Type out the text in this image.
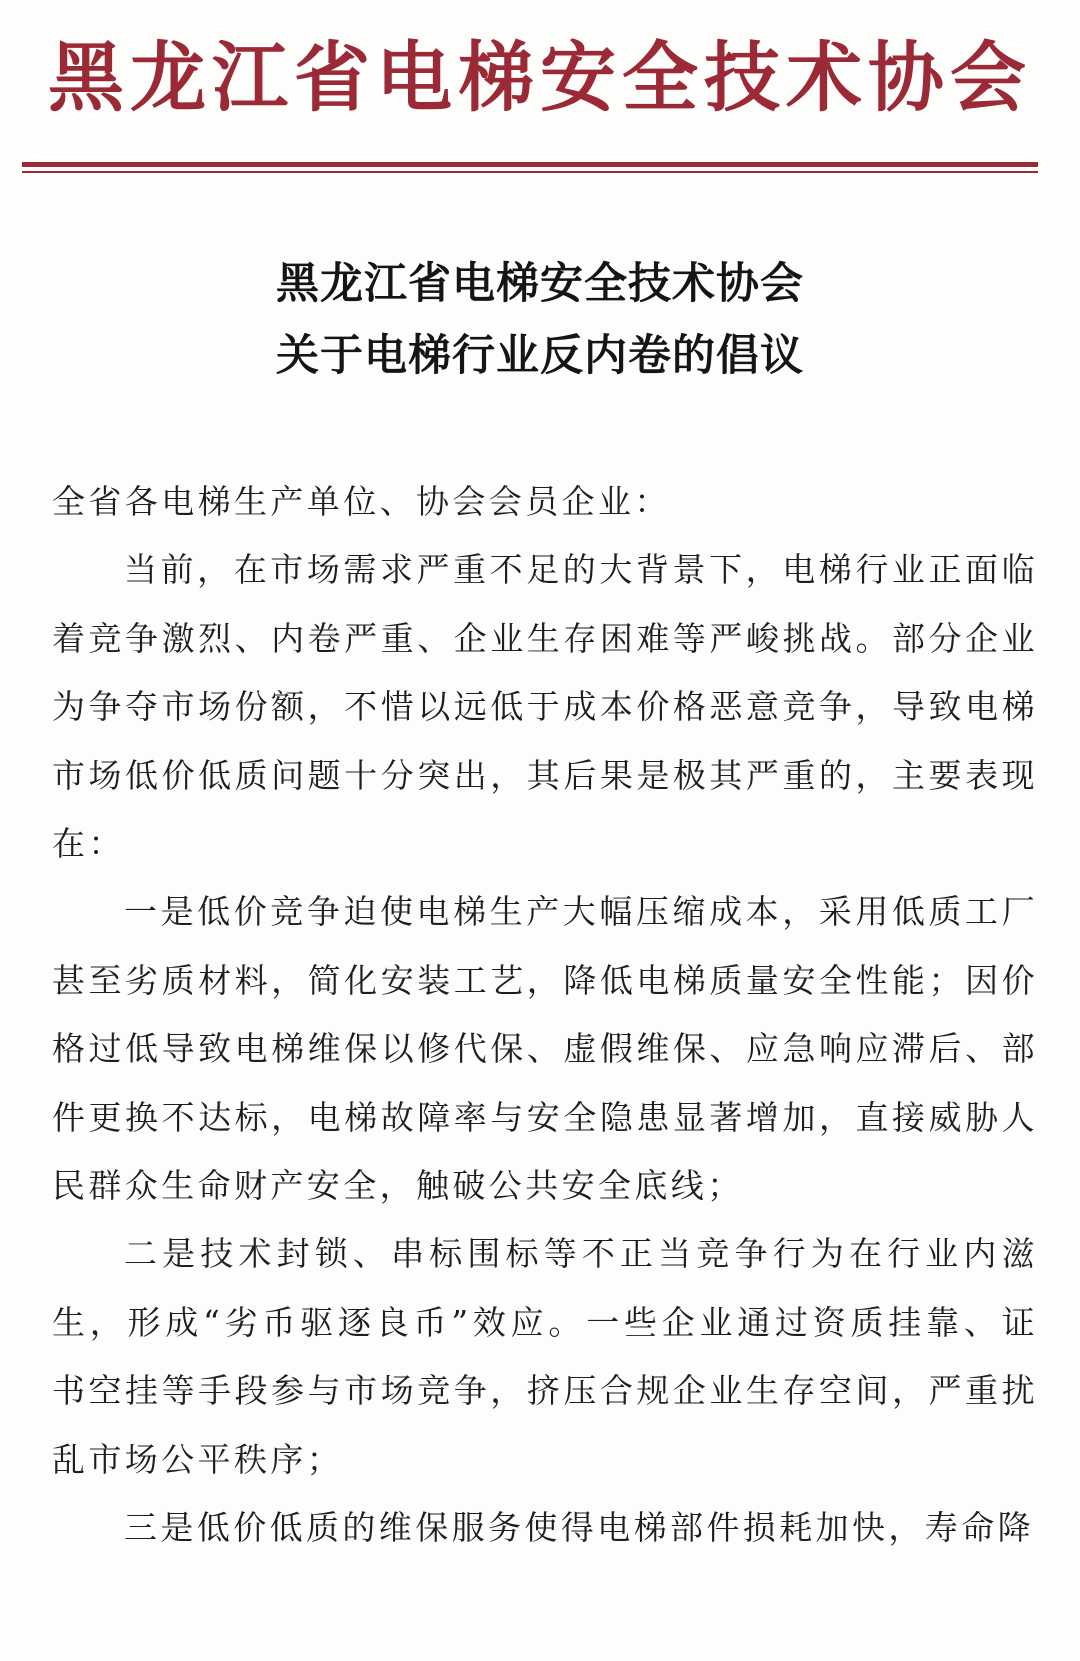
黑龙江省电梯安全技术协会
黑龙江省电梯安全技术协会
关于电梯行业反内卷的倡议

全省各电梯生产单位、协会会员企业：

当前，在市场需求严重不足的大背景下，电梯行业正面临着竞争激烈、内卷严重、企业生存困难等严峻挑战。部分企业为争夺市场份额，不惜以远低于成本价格恶意竞争，导致电梯市场低价低质问题十分突出，其后果是极其严重的，主要表现在：

一是低价竞争迫使电梯生产大幅压缩成本，采用低质工厂甚至劣质材料，简化安装工艺，降低电梯质量安全性能；因价格过低导致电梯维保以修代保、虚假维保、应急响应滞后、部件更换不达标，电梯故障率与安全隐患显著增加，直接威胁人民群众生命财产安全，触破公共安全底线；

二是技术封锁、串标围标等不正当竞争行为在行业内滋生，形成“劣币驱逐良币”效应。一些企业通过资质挂靠、证书空挂等手段参与市场竞争，挤压合规企业生存空间，严重扰乱市场公平秩序；

三是低价低质的维保服务使得电梯部件损耗加快，寿命降
